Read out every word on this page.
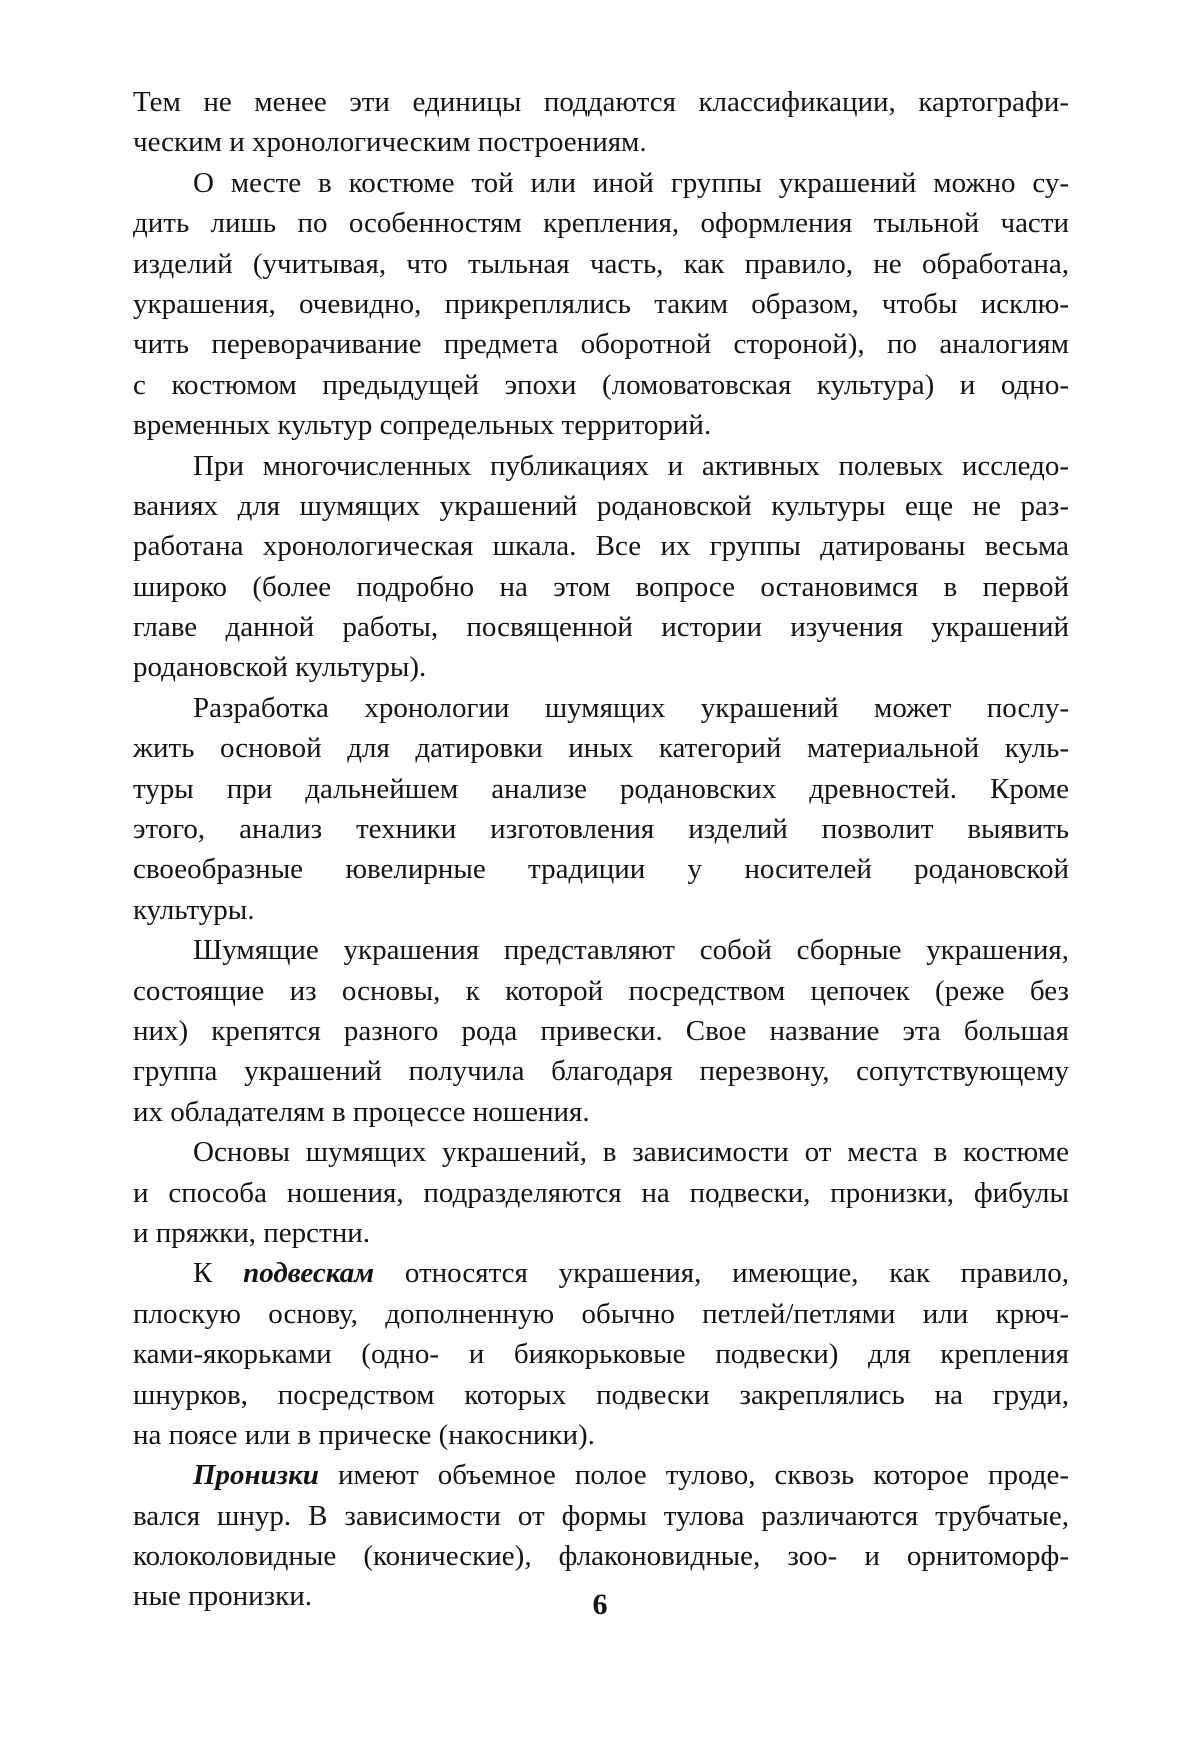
Тем не менее эти единицы поддаются классификации, картографи-
ческим и хронологическим построениям.
О месте в костюме той или иной группы украшений можно су-
дить лишь по особенностям крепления, оформления тыльной части
изделий (учитывая, что тыльная часть, как правило, не обработана,
украшения, очевидно, прикреплялись таким образом, чтобы исклю-
чить переворачивание предмета оборотной стороной), по аналогиям
с костюмом предыдущей эпохи (ломоватовская культура) и одно-
временных культур сопредельных территорий.
При многочисленных публикациях и активных полевых исследо-
ваниях для шумящих украшений родановской культуры еще не раз-
работана хронологическая шкала. Все их группы датированы весьма
широко (более подробно на этом вопросе остановимся в первой
главе данной работы, посвященной истории изучения украшений
родановской культуры).
Разработка хронологии шумящих украшений может послу-
жить основой для датировки иных категорий материальной куль-
туры при дальнейшем анализе родановских древностей. Кроме
этого, анализ техники изготовления изделий позволит выявить
своеобразные ювелирные традиции у носителей родановской
культуры.
Шумящие украшения представляют собой сборные украшения,
состоящие из основы, к которой посредством цепочек (реже без
них) крепятся разного рода привески. Свое название эта большая
группа украшений получила благодаря перезвону, сопутствующему
их обладателям в процессе ношения.
Основы шумящих украшений, в зависимости от места в костюме
и способа ношения, подразделяются на подвески, пронизки, фибулы
и пряжки, перстни.
К подвескам относятся украшения, имеющие, как правило,
плоскую основу, дополненную обычно петлей/петлями или крюч-
ками-якорьками (одно- и биякорьковые подвески) для крепления
шнурков, посредством которых подвески закреплялись на груди,
на поясе или в прическе (накосники).
Пронизки имеют объемное полое тулово, сквозь которое проде-
вался шнур. В зависимости от формы тулова различаются трубчатые,
колоколовидные (конические), флаконовидные, зоо- и орнитоморф-
ные пронизки.	6
